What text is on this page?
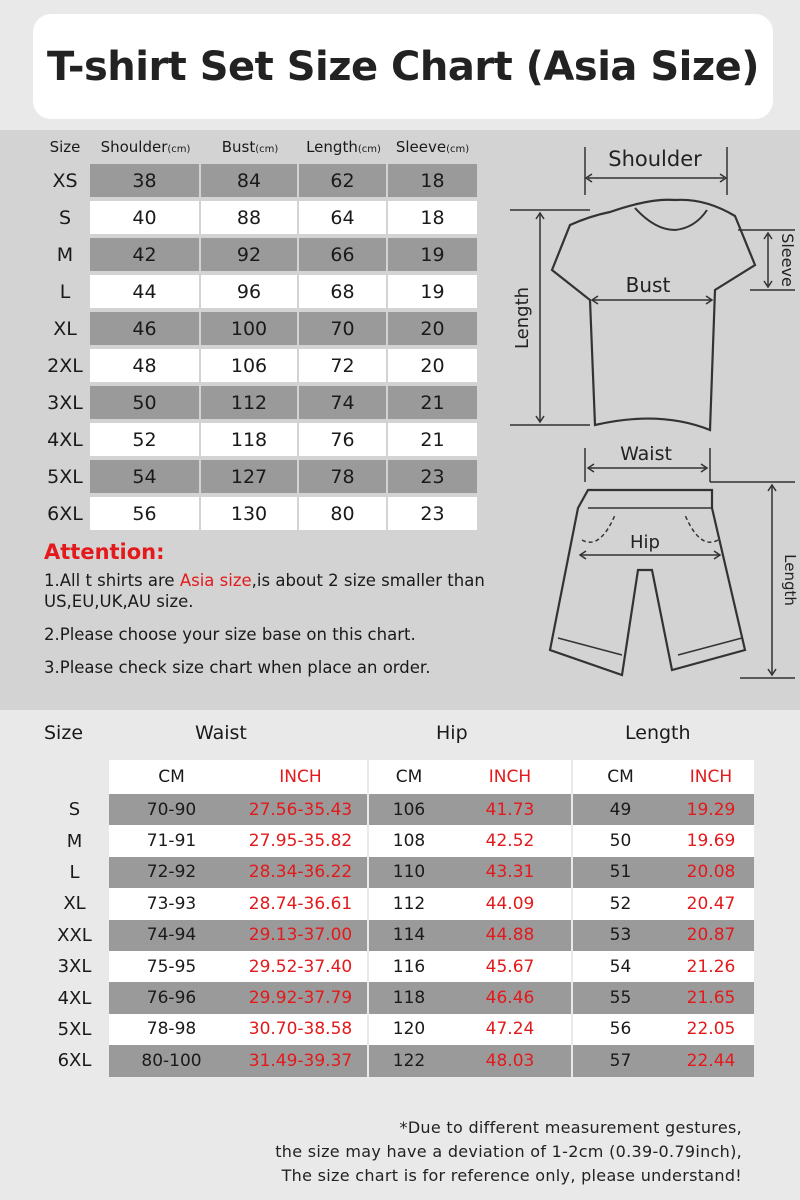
T-shirt Set Size Chart (Asia Size)
Size	Shoulder(cm)	Bust(cm)	Length(cm)	Sleeve(cm)
XS	38	84	62	18
S	40	88	64	18
M	42	92	66	19
L	44	96	68	19
XL	46	100	70	20
2XL	48	106	72	20
3XL	50	112	74	21
4XL	52	118	76	21
5XL	54	127	78	23
6XL	56	130	80	23
Attention:

1.All t shirts are Asia size,is about 2 size smaller than
US,EU,UK,AU size.

2.Please choose your size base on this chart.

3.Please check size chart when place an order.

Shoulder
Bust
Length
Sleeve
Waist
Hip
Length
Size	Waist	Hip	Length
	CM	INCH	CM	INCH	CM	INCH
S	70-90	27.56-35.43	106	41.73	49	19.29
M	71-91	27.95-35.82	108	42.52	50	19.69
L	72-92	28.34-36.22	110	43.31	51	20.08
XL	73-93	28.74-36.61	112	44.09	52	20.47
XXL	74-94	29.13-37.00	114	44.88	53	20.87
3XL	75-95	29.52-37.40	116	45.67	54	21.26
4XL	76-96	29.92-37.79	118	46.46	55	21.65
5XL	78-98	30.70-38.58	120	47.24	56	22.05
6XL	80-100	31.49-39.37	122	48.03	57	22.44
*Due to different measurement gestures,
the size may have a deviation of 1-2cm (0.39-0.79inch),
The size chart is for reference only, please understand!
